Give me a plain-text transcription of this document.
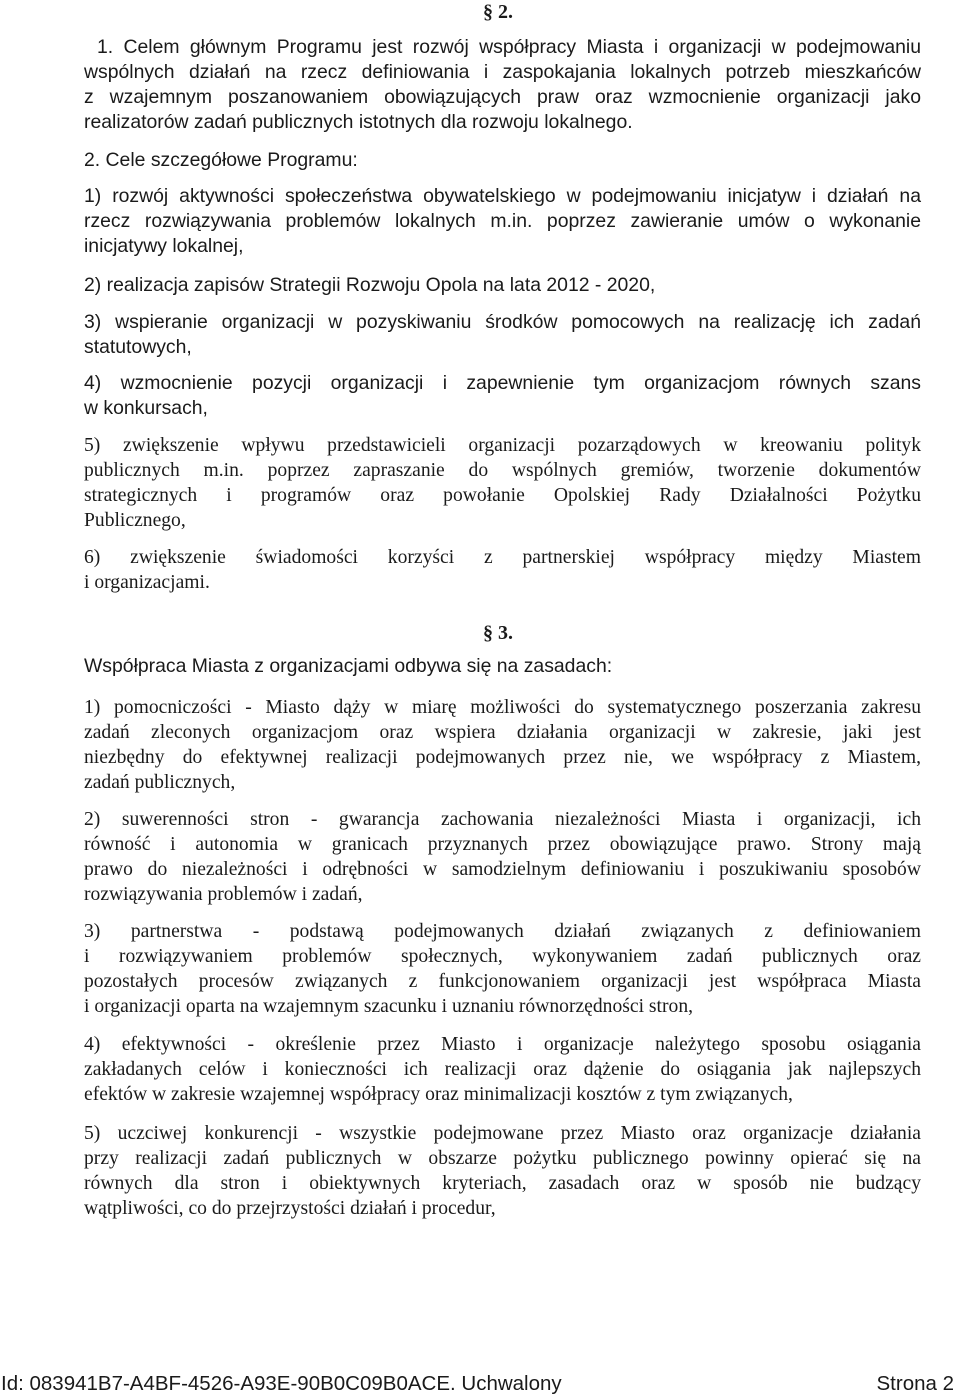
§ 2.
1. Celem głównym Programu jest rozwój współpracy Miasta i organizacji w podejmowaniu
wspólnych działań na rzecz definiowania i zaspokajania lokalnych potrzeb mieszkańców
z wzajemnym poszanowaniem obowiązujących praw oraz wzmocnienie organizacji jako
realizatorów zadań publicznych istotnych dla rozwoju lokalnego.
2. Cele szczegółowe Programu:
1) rozwój aktywności społeczeństwa obywatelskiego w podejmowaniu inicjatyw i działań na
rzecz rozwiązywania problemów lokalnych m.in. poprzez zawieranie umów o wykonanie
inicjatywy lokalnej,
2) realizacja zapisów Strategii Rozwoju Opola na lata 2012 - 2020,
3) wspieranie organizacji w pozyskiwaniu środków pomocowych na realizację ich zadań
statutowych,
4) wzmocnienie pozycji organizacji i zapewnienie tym organizacjom równych szans
w konkursach,
5) zwiększenie wpływu przedstawicieli organizacji pozarządowych w kreowaniu polityk
publicznych m.in. poprzez zapraszanie do wspólnych gremiów, tworzenie dokumentów
strategicznych i programów oraz powołanie Opolskiej Rady Działalności Pożytku
Publicznego,
6) zwiększenie świadomości korzyści z partnerskiej współpracy między Miastem
i organizacjami.
§ 3.
Współpraca Miasta z organizacjami odbywa się na zasadach:
1) pomocniczości - Miasto dąży w miarę możliwości do systematycznego poszerzania zakresu
zadań zleconych organizacjom oraz wspiera działania organizacji w zakresie, jaki jest
niezbędny do efektywnej realizacji podejmowanych przez nie, we współpracy z Miastem,
zadań publicznych,
2) suwerenności stron - gwarancja zachowania niezależności Miasta i organizacji, ich
równość i autonomia w granicach przyznanych przez obowiązujące prawo. Strony mają
prawo do niezależności i odrębności w samodzielnym definiowaniu i poszukiwaniu sposobów
rozwiązywania problemów i zadań,
3) partnerstwa - podstawą podejmowanych działań związanych z definiowaniem
i rozwiązywaniem problemów społecznych, wykonywaniem zadań publicznych oraz
pozostałych procesów związanych z funkcjonowaniem organizacji jest współpraca Miasta
i organizacji oparta na wzajemnym szacunku i uznaniu równorzędności stron,
4) efektywności - określenie przez Miasto i organizacje należytego sposobu osiągania
zakładanych celów i konieczności ich realizacji oraz dążenie do osiągania jak najlepszych
efektów w zakresie wzajemnej współpracy oraz minimalizacji kosztów z tym związanych,
5) uczciwej konkurencji - wszystkie podejmowane przez Miasto oraz organizacje działania
przy realizacji zadań publicznych w obszarze pożytku publicznego powinny opierać się na
równych dla stron i obiektywnych kryteriach, zasadach oraz w sposób nie budzący
wątpliwości, co do przejrzystości działań i procedur,
Id: 083941B7-A4BF-4526-A93E-90B0C09B0ACE. Uchwalony	Strona 2
